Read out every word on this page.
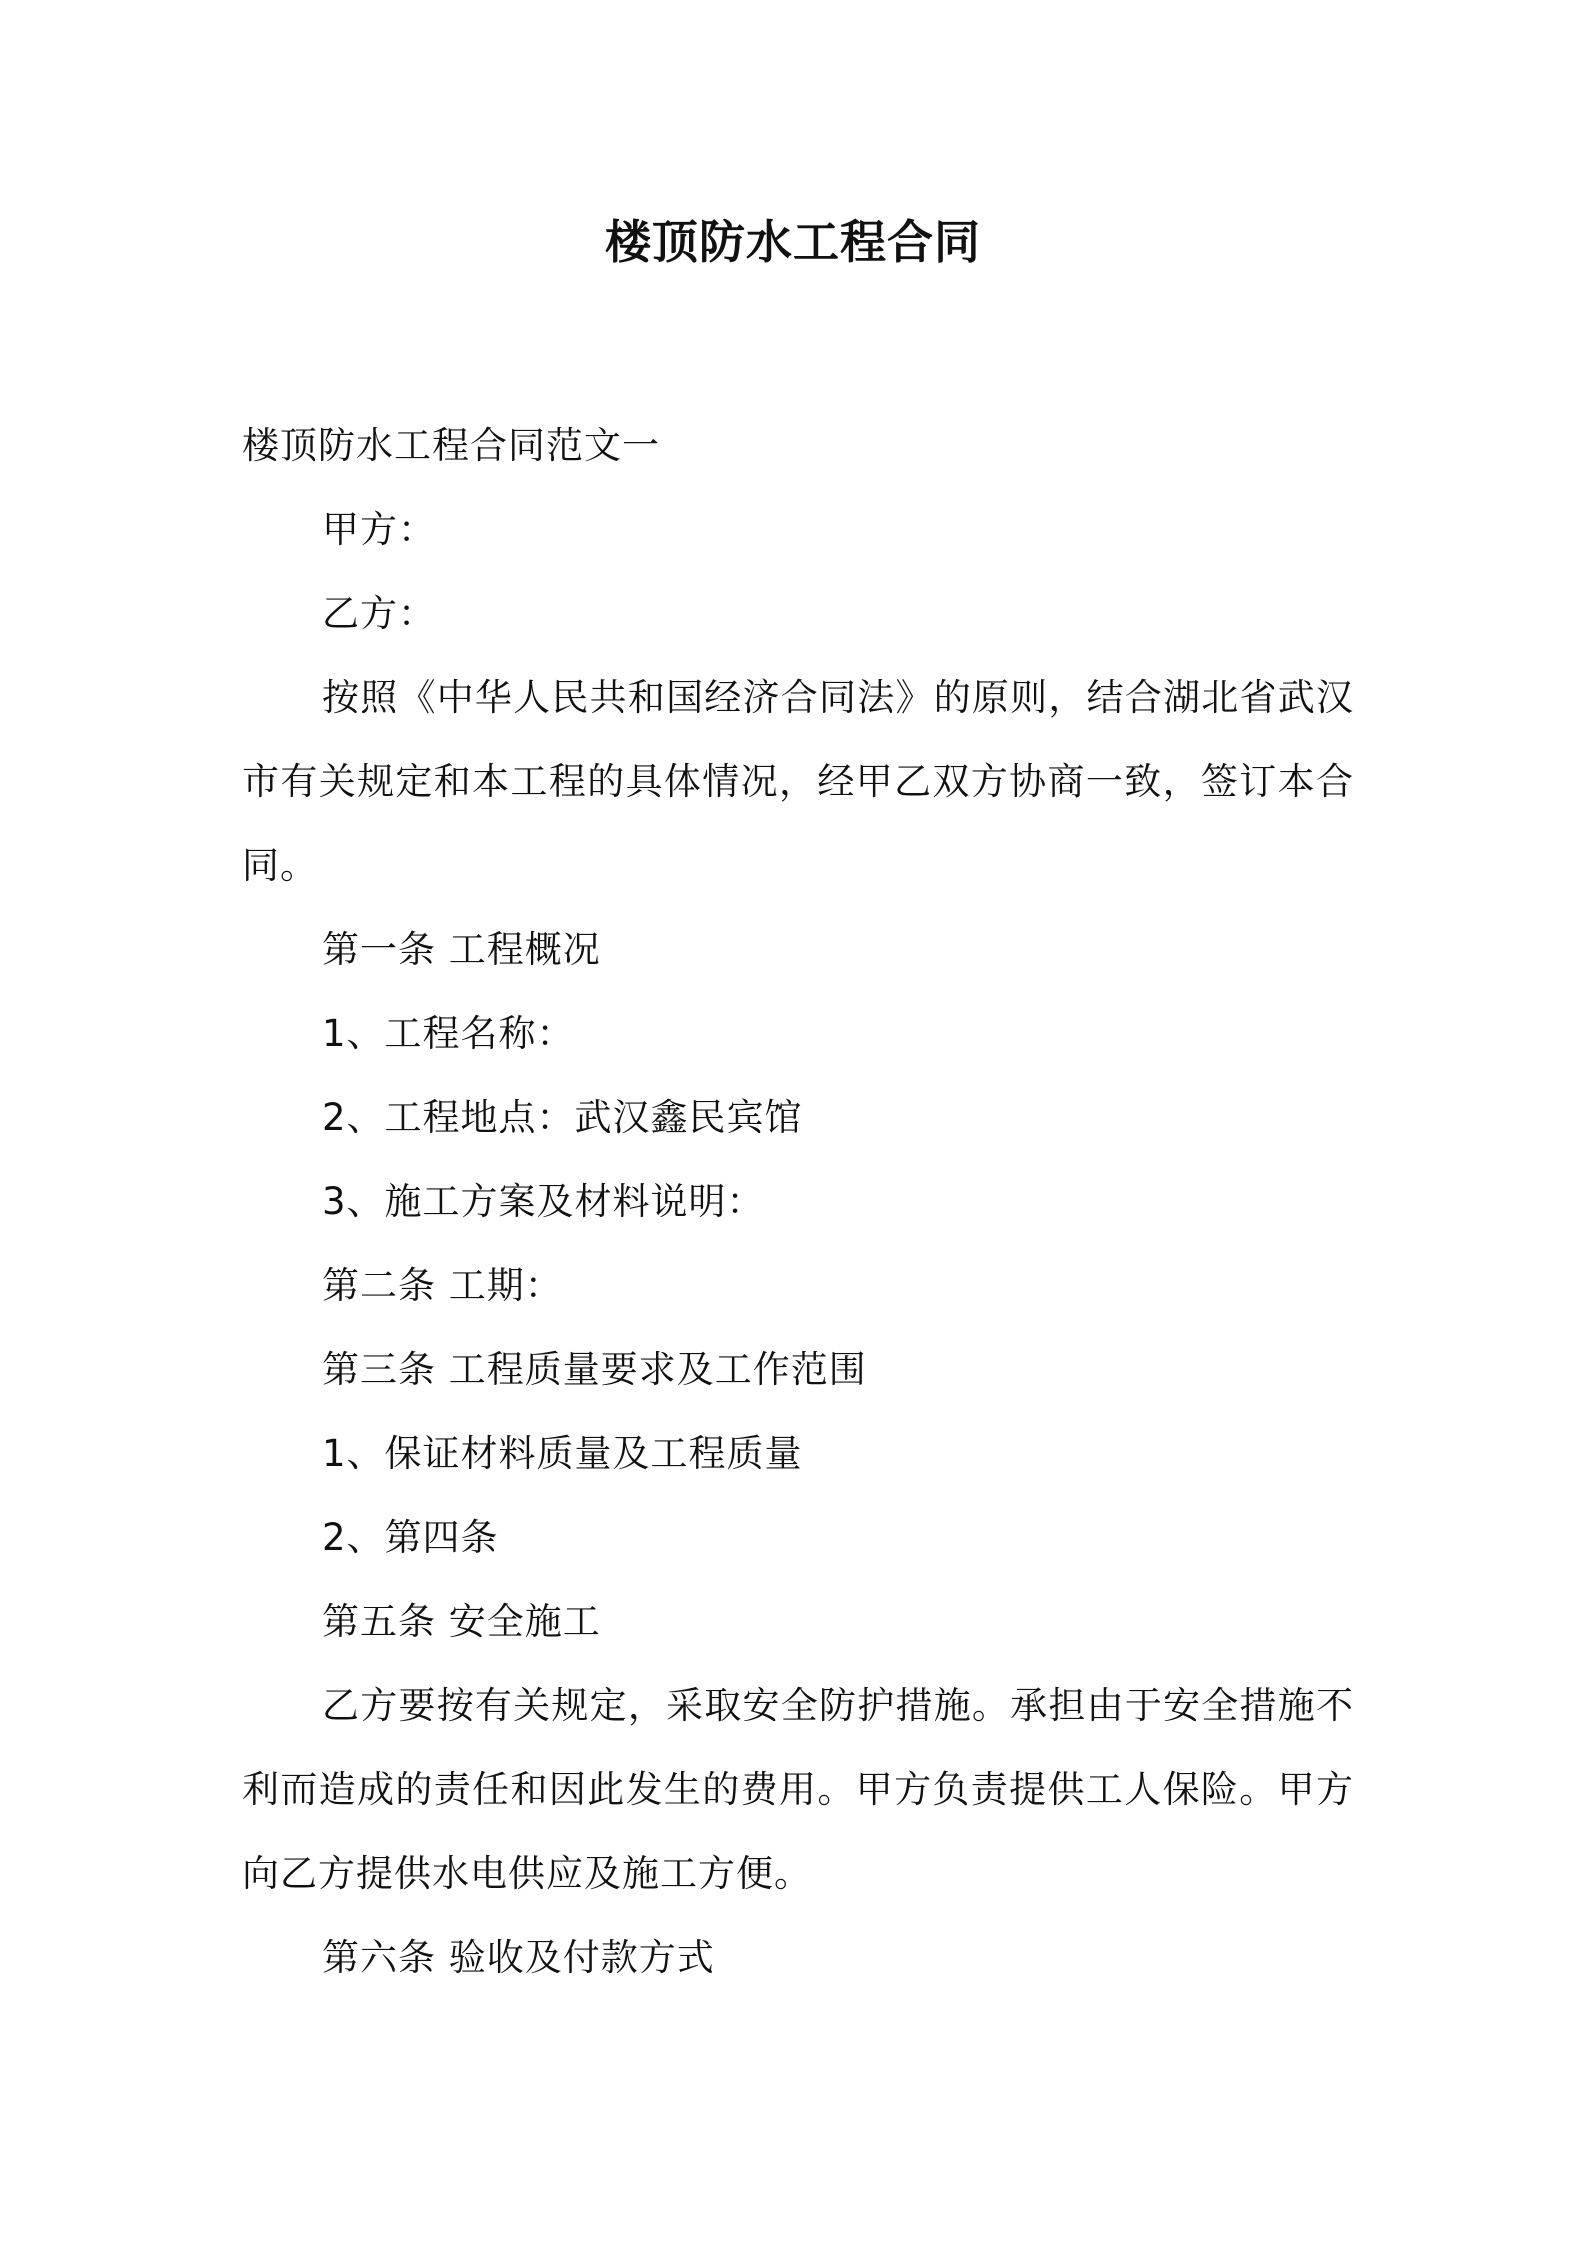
楼顶防水工程合同

楼顶防水工程合同范文一

甲方：

乙方：

按照《中华人民共和国经济合同法》的原则，结合湖北省武汉市有关规定和本工程的具体情况，经甲乙双方协商一致，签订本合同。

第一条 工程概况

1、工程名称：

2、工程地点：武汉鑫民宾馆

3、施工方案及材料说明：

第二条 工期：

第三条 工程质量要求及工作范围

1、保证材料质量及工程质量

2、第四条

第五条 安全施工

乙方要按有关规定，采取安全防护措施。承担由于安全措施不利而造成的责任和因此发生的费用。甲方负责提供工人保险。甲方向乙方提供水电供应及施工方便。

第六条 验收及付款方式
